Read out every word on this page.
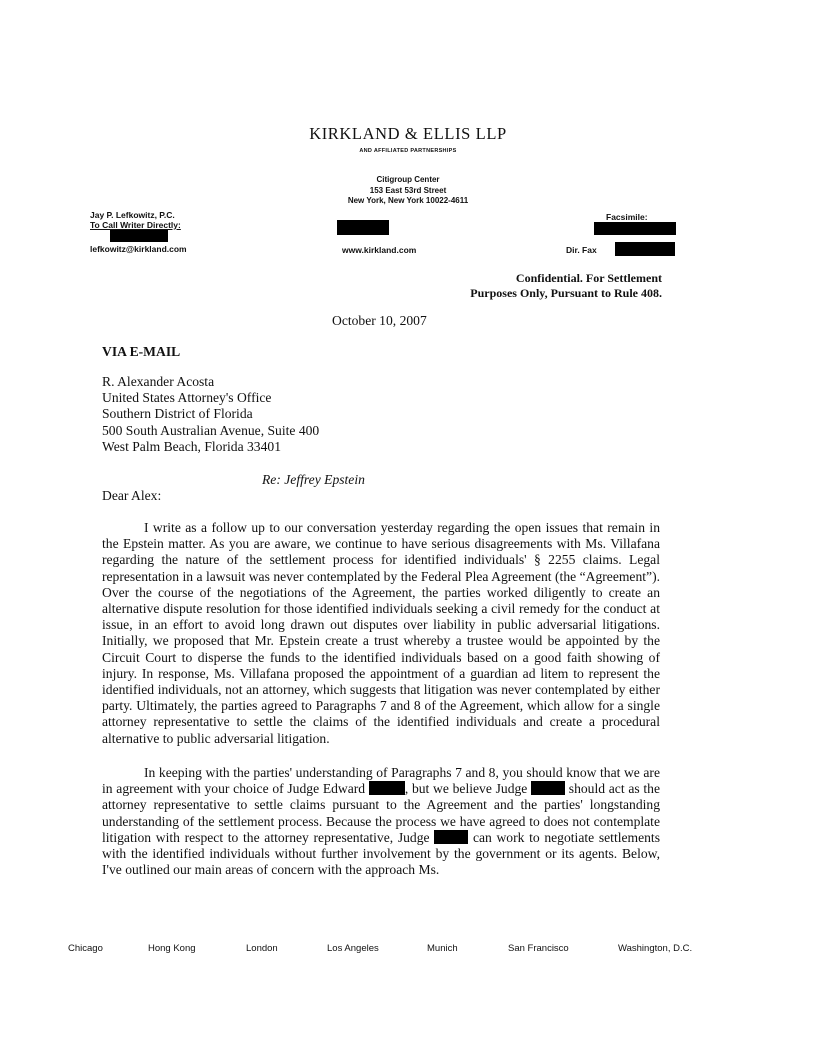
KIRKLAND & ELLIS LLP
AND AFFILIATED PARTNERSHIPS
Citigroup Center
153 East 53rd Street
New York, New York 10022-4611
Jay P. Lefkowitz, P.C.
To Call Writer Directly:
lefkowitz@kirkland.com	www.kirkland.com
Facsimile:
Dir. Fax
Confidential. For Settlement
Purposes Only, Pursuant to Rule 408.
October 10, 2007
VIA E-MAIL
R. Alexander Acosta
United States Attorney's Office
Southern District of Florida
500 South Australian Avenue, Suite 400
West Palm Beach, Florida 33401
Re: Jeffrey Epstein
Dear Alex:

I write as a follow up to our conversation yesterday regarding the open issues that remain in the Epstein matter. As you are aware, we continue to have serious disagreements with Ms. Villafana regarding the nature of the settlement process for identified individuals' § 2255 claims. Legal representation in a lawsuit was never contemplated by the Federal Plea Agreement (the “Agreement”). Over the course of the negotiations of the Agreement, the parties worked diligently to create an alternative dispute resolution for those identified individuals seeking a civil remedy for the conduct at issue, in an effort to avoid long drawn out disputes over liability in public adversarial litigations. Initially, we proposed that Mr. Epstein create a trust whereby a trustee would be appointed by the Circuit Court to disperse the funds to the identified individuals based on a good faith showing of injury. In response, Ms. Villafana proposed the appointment of a guardian ad litem to represent the identified individuals, not an attorney, which suggests that litigation was never contemplated by either party. Ultimately, the parties agreed to Paragraphs 7 and 8 of the Agreement, which allow for a single attorney representative to settle the claims of the identified individuals and create a procedural alternative to public adversarial litigation.

In keeping with the parties' understanding of Paragraphs 7 and 8, you should know that we are in agreement with your choice of Judge Edward	, but we believe Judge	should act as the attorney representative to settle claims pursuant to the Agreement and the parties' longstanding understanding of the settlement process. Because the process we have agreed to does not contemplate litigation with respect to the attorney representative, Judge	can work to negotiate settlements with the identified individuals without further involvement by the government or its agents. Below, I've outlined our main areas of concern with the approach Ms.

Chicago	Hong Kong	London	Los Angeles	Munich	San Francisco	Washington, D.C.
